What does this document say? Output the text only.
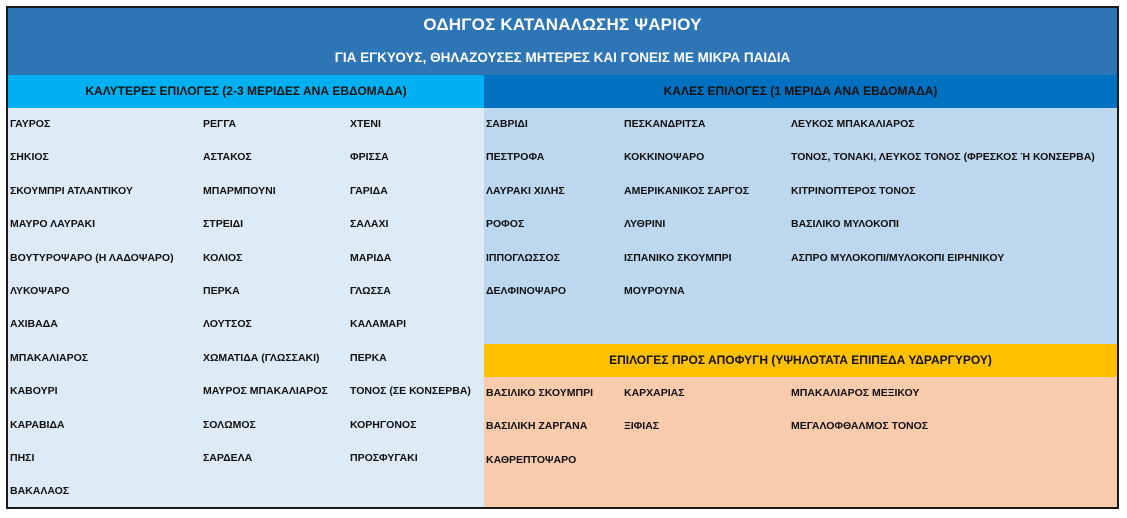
ΟΔΗΓΟΣ ΚΑΤΑΝΑΛΩΣΗΣ ΨΑΡΙΟΥ
ΓΙΑ ΕΓΚΥΟΥΣ, ΘΗΛΑΖΟΥΣΕΣ ΜΗΤΕΡΕΣ ΚΑΙ ΓΟΝΕΙΣ ΜΕ ΜΙΚΡΑ ΠΑΙΔΙΑ
ΚΑΛΥΤΕΡΕΣ ΕΠΙΛΟΓΕΣ (2-3 ΜΕΡΙΔΕΣ ΑΝΑ ΕΒΔΟΜΑΔΑ)	ΚΑΛΕΣ ΕΠΙΛΟΓΕΣ (1 ΜΕΡΙΔΑ ΑΝΑ ΕΒΔΟΜΑΔΑ)
ΓΑΥΡΟΣ
ΣΗΚΙΟΣ
ΣΚΟΥΜΠΡΙ ΑΤΛΑΝΤΙΚΟΥ
ΜΑΥΡΟ ΛΑΥΡΑΚΙ
ΒΟΥΤΥΡΟΨΑΡΟ (Η ΛΑΔΟΨΑΡΟ)
ΛΥΚΟΨΑΡΟ
ΑΧΙΒΑΔΑ
ΜΠΑΚΑΛΙΑΡΟΣ
ΚΑΒΟΥΡΙ
ΚΑΡΑΒΙΔΑ
ΠΗΣΙ
ΒΑΚΑΛΑΟΣ
ΡΕΓΓΑ
ΑΣΤΑΚΟΣ
ΜΠΑΡΜΠΟΥΝΙ
ΣΤΡΕΙΔΙ
ΚΟΛΙΟΣ
ΠΕΡΚΑ
ΛΟΥΤΣΟΣ
ΧΩΜΑΤΙΔΑ (ΓΛΩΣΣΑΚΙ)
ΜΑΥΡΟΣ ΜΠΑΚΑΛΙΑΡΟΣ
ΣΟΛΩΜΟΣ
ΣΑΡΔΕΛΑ
ΧΤΕΝΙ
ΦΡΙΣΣΑ
ΓΑΡΙΔΑ
ΣΑΛΑΧΙ
ΜΑΡΙΔΑ
ΓΛΩΣΣΑ
ΚΑΛΑΜΑΡΙ
ΠΕΡΚΑ
ΤΟΝΟΣ (ΣΕ ΚΟΝΣΕΡΒΑ)
ΚΟΡΗΓΟΝΟΣ
ΠΡΟΣΦΥΓΑΚΙ
ΣΑΒΡΙΔΙ
ΠΕΣΤΡΟΦΑ
ΛΑΥΡΑΚΙ ΧΙΛΗΣ
ΡΟΦΟΣ
ΙΠΠΟΓΛΩΣΣΟΣ
ΔΕΛΦΙΝΟΨΑΡΟ
ΠΕΣΚΑΝΔΡΙΤΣΑ
ΚΟΚΚΙΝΟΨΑΡΟ
ΑΜΕΡΙΚΑΝΙΚΟΣ ΣΑΡΓΟΣ
ΛΥΘΡΙΝΙ
ΙΣΠΑΝΙΚΟ ΣΚΟΥΜΠΡΙ
ΜΟΥΡΟΥΝΑ
ΛΕΥΚΟΣ ΜΠΑΚΑΛΙΑΡΟΣ
ΤΟΝΟΣ, ΤΟΝΑΚΙ, ΛΕΥΚΟΣ ΤΟΝΟΣ (ΦΡΕΣΚΟΣ Ή ΚΟΝΣΕΡΒΑ)
ΚΙΤΡΙΝΟΠΤΕΡΟΣ ΤΟΝΟΣ
ΒΑΣΙΛΙΚΟ ΜΥΛΟΚΟΠΙ
ΑΣΠΡΟ ΜΥΛΟΚΟΠΙ/ΜΥΛΟΚΟΠΙ ΕΙΡΗΝΙΚΟΥ
ΕΠΙΛΟΓΕΣ ΠΡΟΣ ΑΠΟΦΥΓΗ (ΥΨΗΛΟΤΑΤΑ ΕΠΙΠΕΔΑ ΥΔΡΑΡΓΥΡΟΥ)
ΒΑΣΙΛΙΚΟ ΣΚΟΥΜΠΡΙ
ΒΑΣΙΛΙΚΗ ΖΑΡΓΑΝΑ
ΚΑΘΡΕΠΤΟΨΑΡΟ
ΚΑΡΧΑΡΙΑΣ
ΞΙΦΙΑΣ
ΜΠΑΚΑΛΙΑΡΟΣ ΜΕΞΙΚΟΥ
ΜΕΓΑΛΟΦΘΑΛΜΟΣ ΤΟΝΟΣ
